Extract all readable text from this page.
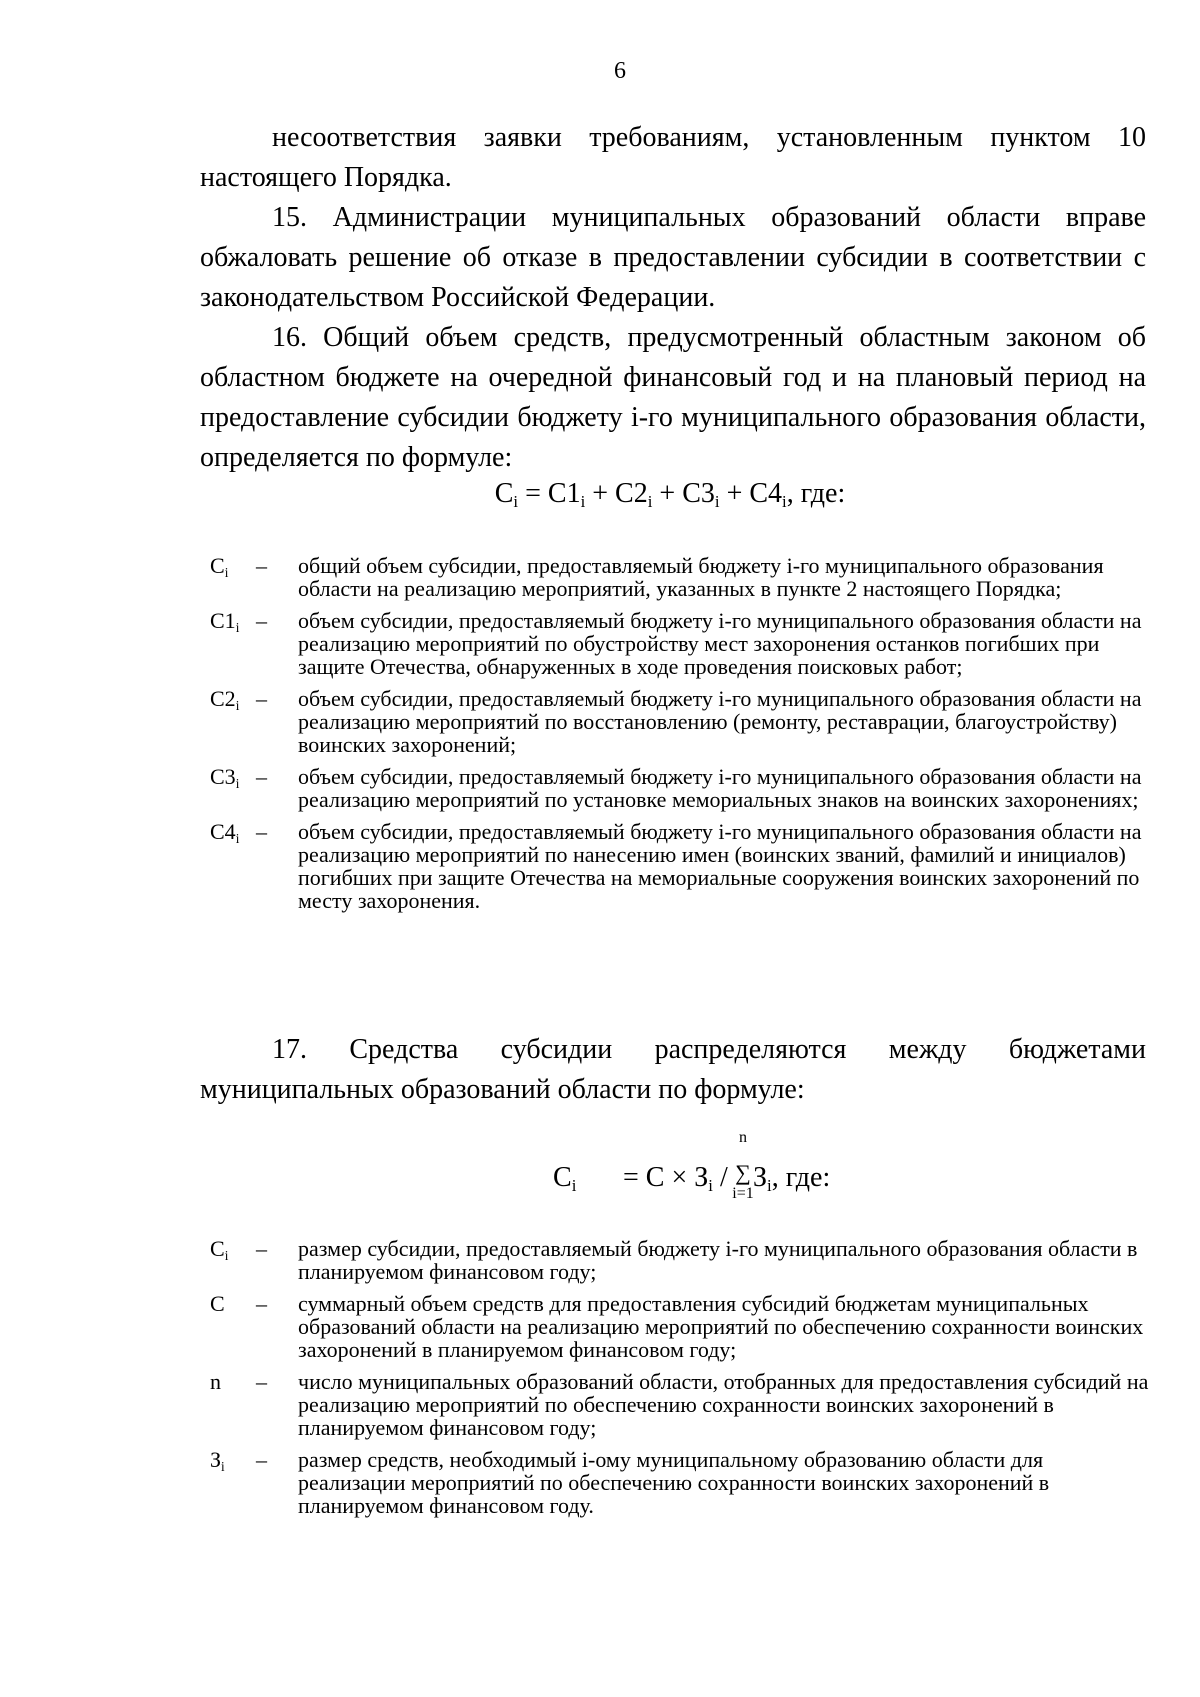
6

несоответствия заявки требованиям, установленным пунктом 10 настоящего Порядка.

15. Администрации муниципальных образований области вправе обжаловать решение об отказе в предоставлении субсидии в соответствии с законодательством Российской Федерации.

16. Общий объем средств, предусмотренный областным законом об областном бюджете на очередной финансовый год и на плановый период на предоставление субсидии бюджету i-го муниципального образования области, определяется по формуле:

$С_i = С1_i + С2_i + С3_i + С4_i$, где:
$С_i$	–	общий объем субсидии, предоставляемый бюджету i-го муниципального образования области на реализацию мероприятий, указанных в пункте 2 настоящего Порядка;
$С1_i$ –	объем субсидии, предоставляемый бюджету i-го муниципального образования области на реализацию мероприятий по обустройству мест захоронения останков погибших при защите Отечества, обнаруженных в ходе проведения поисковых работ;
$С2_i$ –	объем субсидии, предоставляемый бюджету i-го муниципального образования области на реализацию мероприятий по восстановлению (ремонту, реставрации, благоустройству) воинских захоронений;
$С3_i$ –	объем субсидии, предоставляемый бюджету i-го муниципального образования области на реализацию мероприятий по установке мемориальных знаков на воинских захоронениях;
$С4_i$ –	объем субсидии, предоставляемый бюджету i-го муниципального образования области на реализацию мероприятий по нанесению имен (воинских званий, фамилий и инициалов) погибших при защите Отечества на мемориальные сооружения воинских захоронений по месту захоронения.

17. Средства субсидии распределяются между бюджетами муниципальных образований области по формуле:

$С_i = С \times З_i$ /
n
∑
i=1
$З_i$, где:
$С_i$	–	размер субсидии, предоставляемый бюджету i-го муниципального образования области в планируемом финансовом году;
С	–	суммарный объем средств для предоставления субсидий бюджетам муниципальных образований области на реализацию мероприятий по обеспечению сохранности воинских захоронений в планируемом финансовом году;
n	–	число муниципальных образований области, отобранных для предоставления субсидий на реализацию мероприятий по обеспечению сохранности воинских захоронений в планируемом финансовом году;
$З_i$	–	размер средств, необходимый i-ому муниципальному образованию области для реализации мероприятий по обеспечению сохранности воинских захоронений в планируемом финансовом году.
